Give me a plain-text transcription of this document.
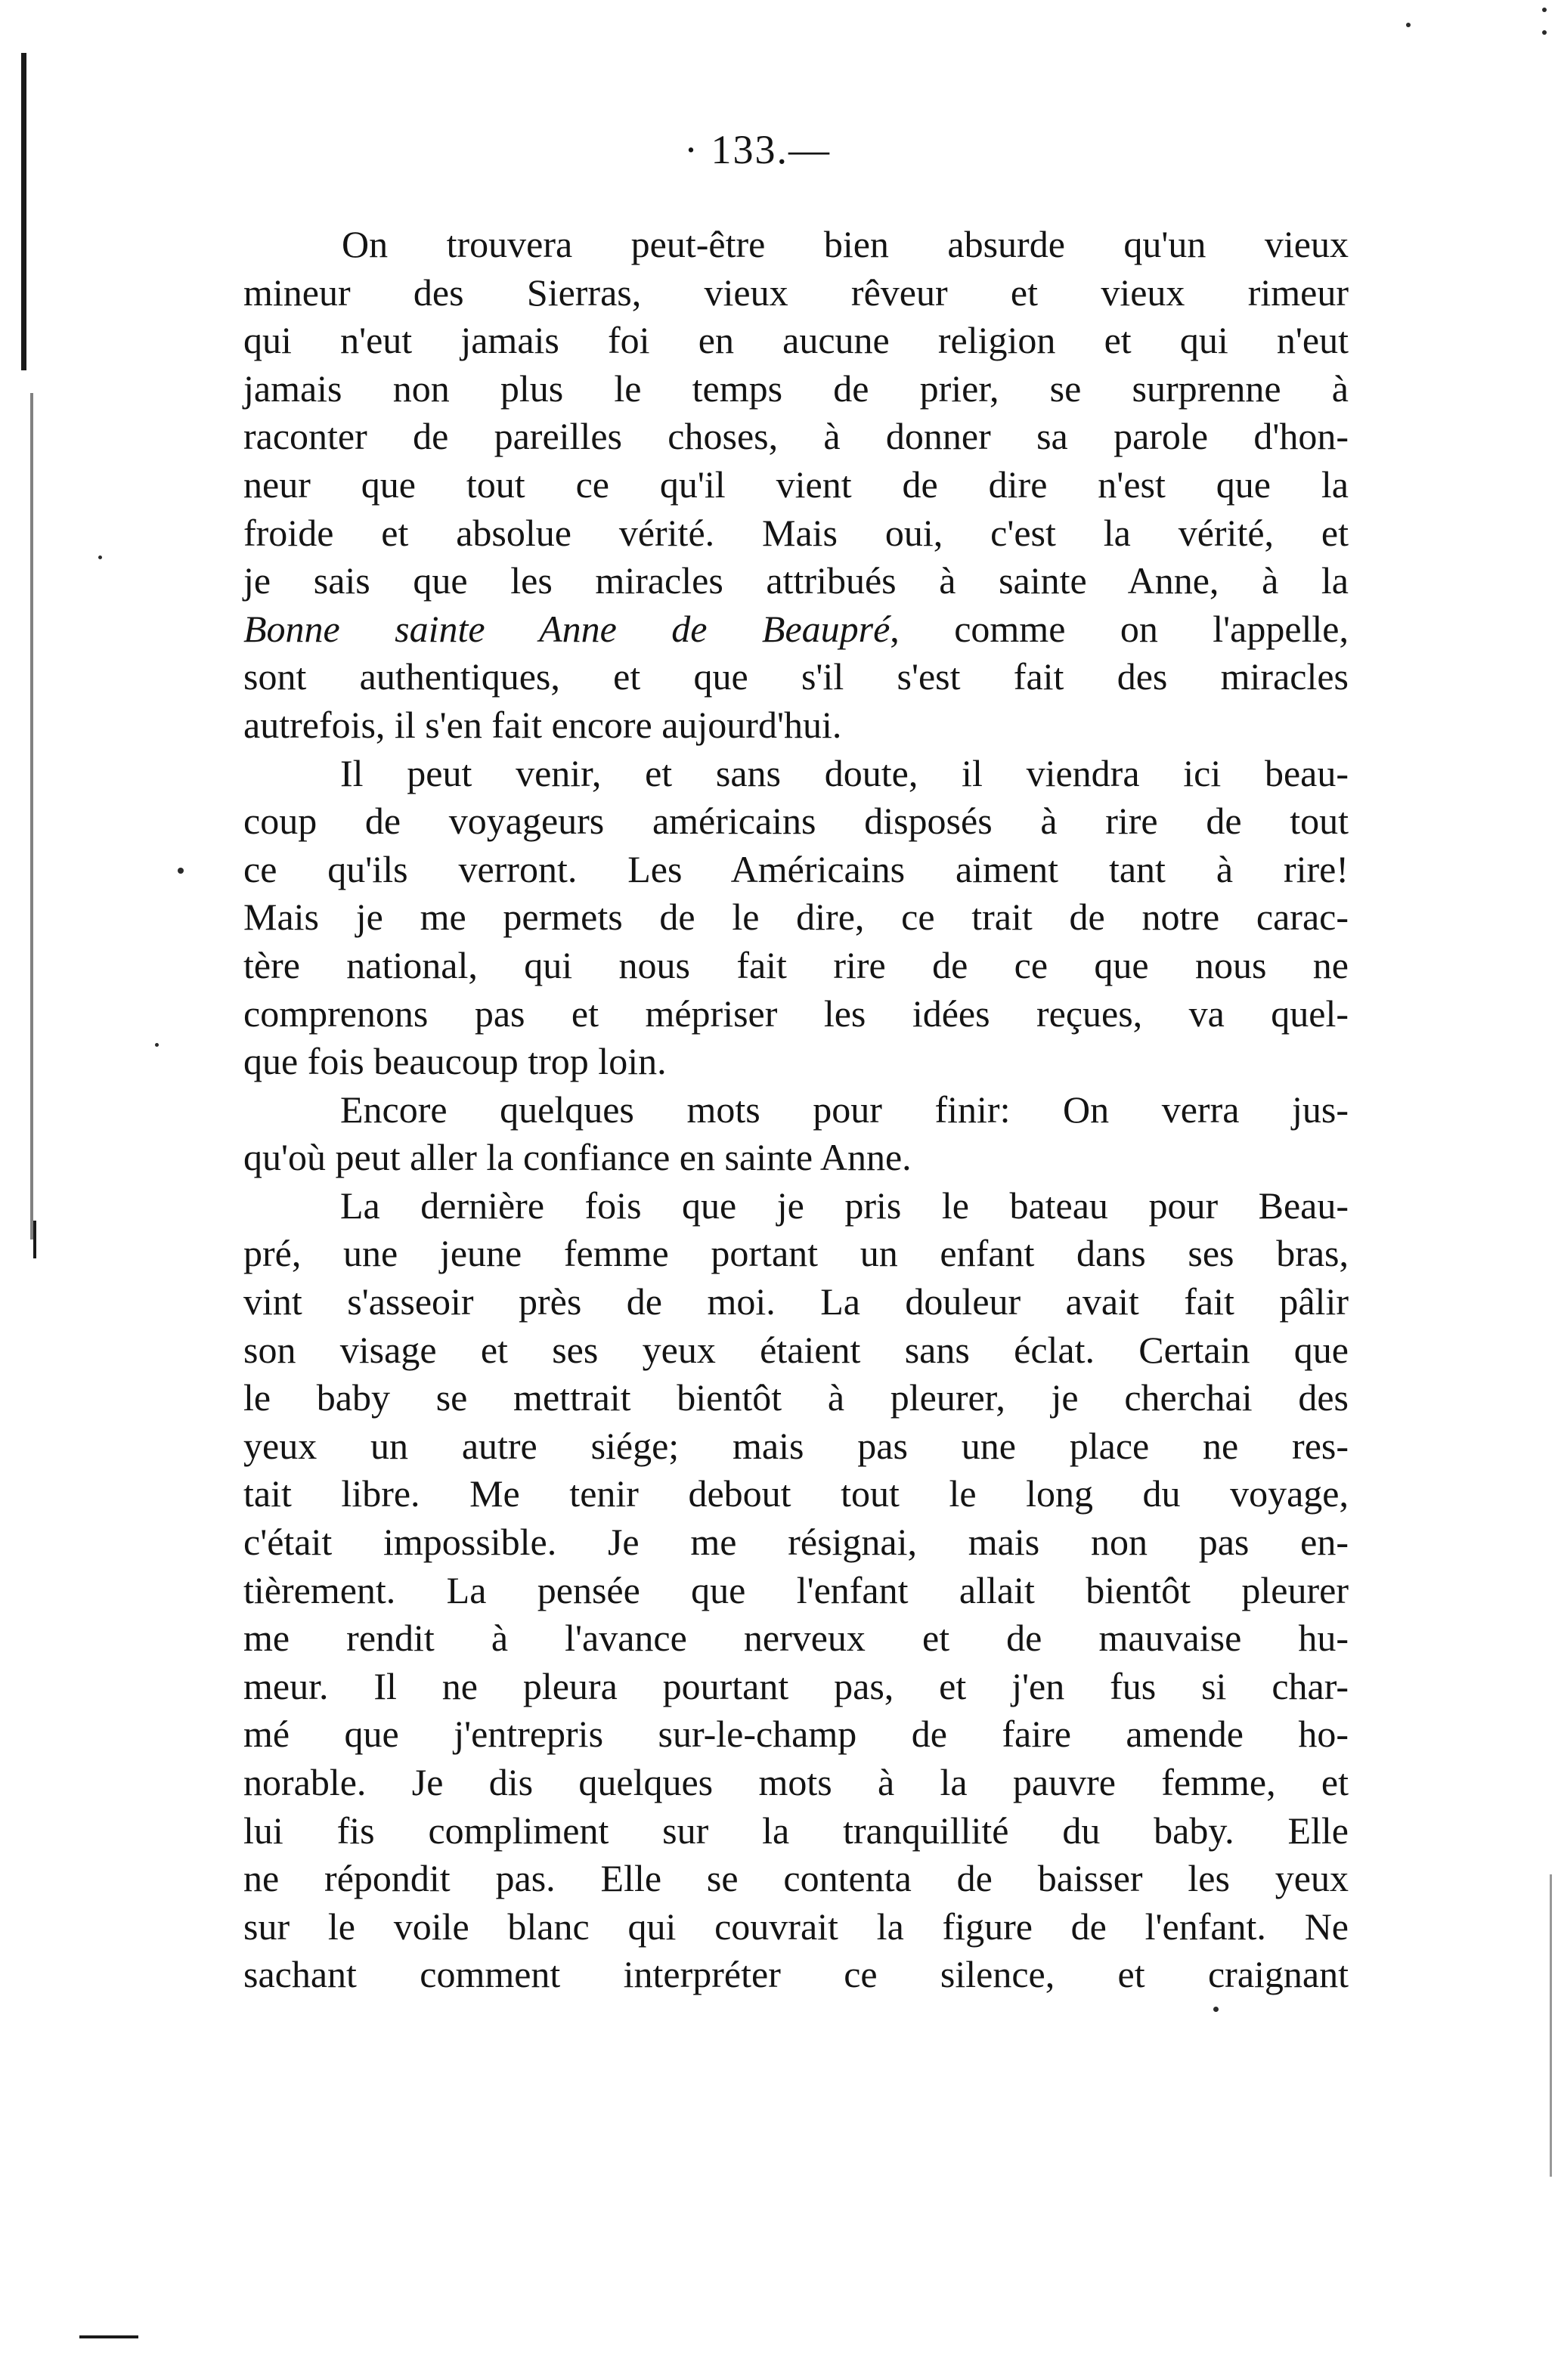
· 133.—
On trouvera peut-être bien absurde qu'un vieux
mineur des Sierras, vieux rêveur et vieux rimeur
qui n'eut jamais foi en aucune religion et qui n'eut
jamais non plus le temps de prier, se surprenne à
raconter de pareilles choses, à donner sa parole d'hon-
neur que tout ce qu'il vient de dire n'est que la
froide et absolue vérité. Mais oui, c'est la vérité, et
je sais que les miracles attribués à sainte Anne, à la
Bonne sainte Anne de Beaupré, comme on l'appelle,
sont authentiques, et que s'il s'est fait des miracles
autrefois, il s'en fait encore aujourd'hui.
Il peut venir, et sans doute, il viendra ici beau-
coup de voyageurs américains disposés à rire de tout
ce qu'ils verront. Les Américains aiment tant à rire!
Mais je me permets de le dire, ce trait de notre carac-
tère national, qui nous fait rire de ce que nous ne
comprenons pas et mépriser les idées reçues, va quel-
que fois beaucoup trop loin.
Encore quelques mots pour finir: On verra jus-
qu'où peut aller la confiance en sainte Anne.
La dernière fois que je pris le bateau pour Beau-
pré, une jeune femme portant un enfant dans ses bras,
vint s'asseoir près de moi. La douleur avait fait pâlir
son visage et ses yeux étaient sans éclat. Certain que
le baby se mettrait bientôt à pleurer, je cherchai des
yeux un autre siége; mais pas une place ne res-
tait libre. Me tenir debout tout le long du voyage,
c'était impossible. Je me résignai, mais non pas en-
tièrement. La pensée que l'enfant allait bientôt pleurer
me rendit à l'avance nerveux et de mauvaise hu-
meur. Il ne pleura pourtant pas, et j'en fus si char-
mé que j'entrepris sur-le-champ de faire amende ho-
norable. Je dis quelques mots à la pauvre femme, et
lui fis compliment sur la tranquillité du baby. Elle
ne répondit pas. Elle se contenta de baisser les yeux
sur le voile blanc qui couvrait la figure de l'enfant. Ne
sachant comment interpréter ce silence, et craignant
